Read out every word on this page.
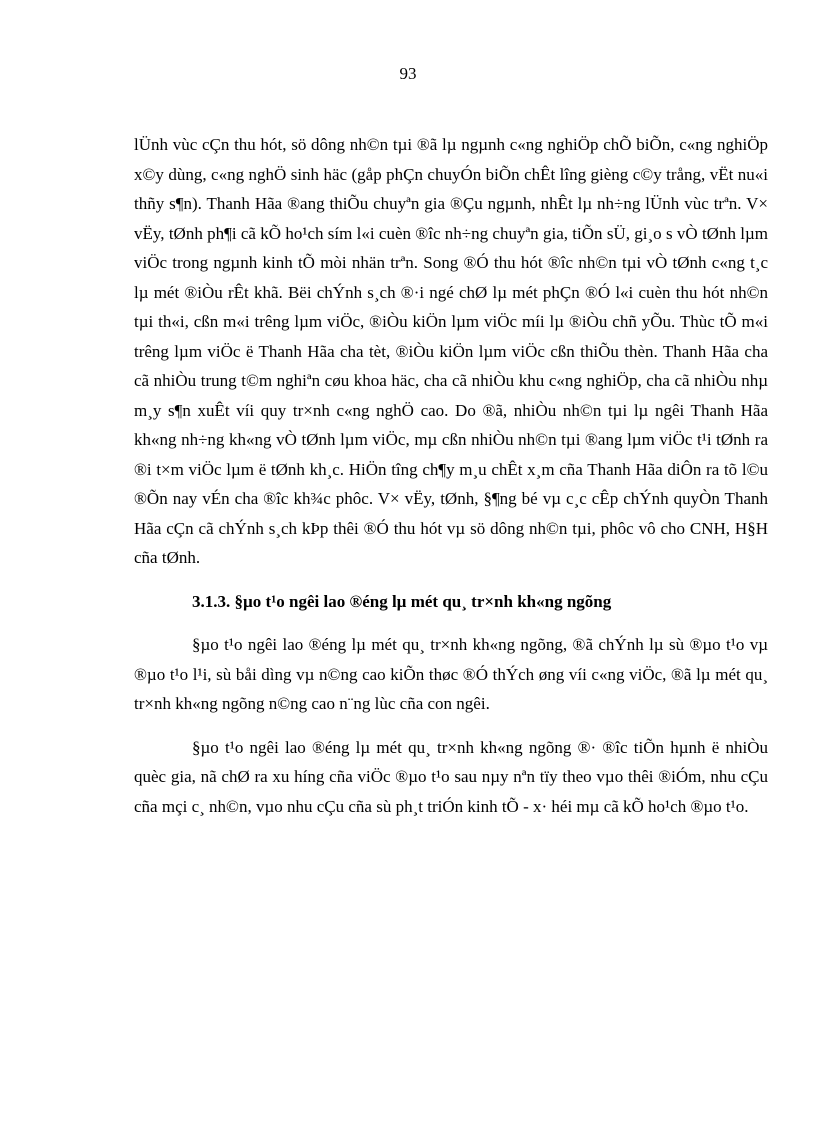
93

lÜnh vùc cÇn thu hót, sö dông nh©n tµi ®ã lµ ngµnh c«ng nghiÖp chÕ biÕn, c«ng nghiÖp x©y dùng, c«ng nghÖ sinh häc (gåp phÇn chuyÓn biÕn chÊt lîng gièng c©y trång, vËt nu«i thñy s¶n). Thanh Hãa ®ang thiÕu chuyªn gia ®Çu ngµnh, nhÊt lµ nh÷ng lÜnh vùc trªn. V× vËy, tØnh ph¶i cã kÕ ho¹ch sím l«i cuèn ®îc nh÷ng chuyªn gia, tiÕn sÜ, gi¸o s vÒ tØnh lµm viÖc trong ngµnh kinh tÕ mòi nhän trªn. Song ®Ó thu hót ®îc nh©n tµi vÒ tØnh c«ng t¸c lµ mét ®iÒu rÊt khã. Bëi chÝnh s¸ch ®·i ngé chØ lµ mét phÇn ®Ó l«i cuèn thu hót nh©n tµi th«i, cßn m«i trêng lµm viÖc, ®iÒu kiÖn lµm viÖc míi lµ ®iÒu chñ yÕu. Thùc tÕ m«i trêng lµm viÖc ë Thanh Hãa cha tèt, ®iÒu kiÖn lµm viÖc cßn thiÕu thèn. Thanh Hãa cha cã nhiÒu trung t©m nghiªn cøu khoa häc, cha cã nhiÒu khu c«ng nghiÖp, cha cã nhiÒu nhµ m¸y s¶n xuÊt víi quy tr×nh c«ng nghÖ cao. Do ®ã, nhiÒu nh©n tµi lµ ngêi Thanh Hãa kh«ng nh÷ng kh«ng vÒ tØnh lµm viÖc, mµ cßn nhiÒu nh©n tµi ®ang lµm viÖc t¹i tØnh ra ®i t×m viÖc lµm ë tØnh kh¸c. HiÖn tîng ch¶y m¸u chÊt x¸m cña Thanh Hãa diÔn ra tõ l©u ®Õn nay vÉn cha ®îc kh¾c phôc. V× vËy, tØnh, §¶ng bé vµ c¸c cÊp chÝnh quyÒn Thanh Hãa cÇn cã chÝnh s¸ch kÞp thêi ®Ó thu hót vµ sö dông nh©n tµi, phôc vô cho CNH, H§H cña tØnh.

3.1.3. §µo t¹o ngêi lao ®éng lµ mét qu¸ tr×nh kh«ng ngõng

§µo t¹o ngêi lao ®éng lµ mét qu¸ tr×nh kh«ng ngõng, ®ã chÝnh lµ sù ®µo t¹o vµ ®µo t¹o l¹i, sù båi dìng vµ n©ng cao kiÕn thøc ®Ó thÝch øng víi c«ng viÖc, ®ã lµ mét qu¸ tr×nh kh«ng ngõng n©ng cao n¨ng lùc cña con ngêi.

§µo t¹o ngêi lao ®éng lµ mét qu¸ tr×nh kh«ng ngõng ®· ®îc tiÕn hµnh ë nhiÒu quèc gia, nã chØ ra xu híng cña viÖc ®µo t¹o sau nµy nªn tïy theo vµo thêi ®iÓm, nhu cÇu cña mçi c¸ nh©n, vµo nhu cÇu cña sù ph¸t triÓn kinh tÕ - x· héi mµ cã kÕ ho¹ch ®µo t¹o.
